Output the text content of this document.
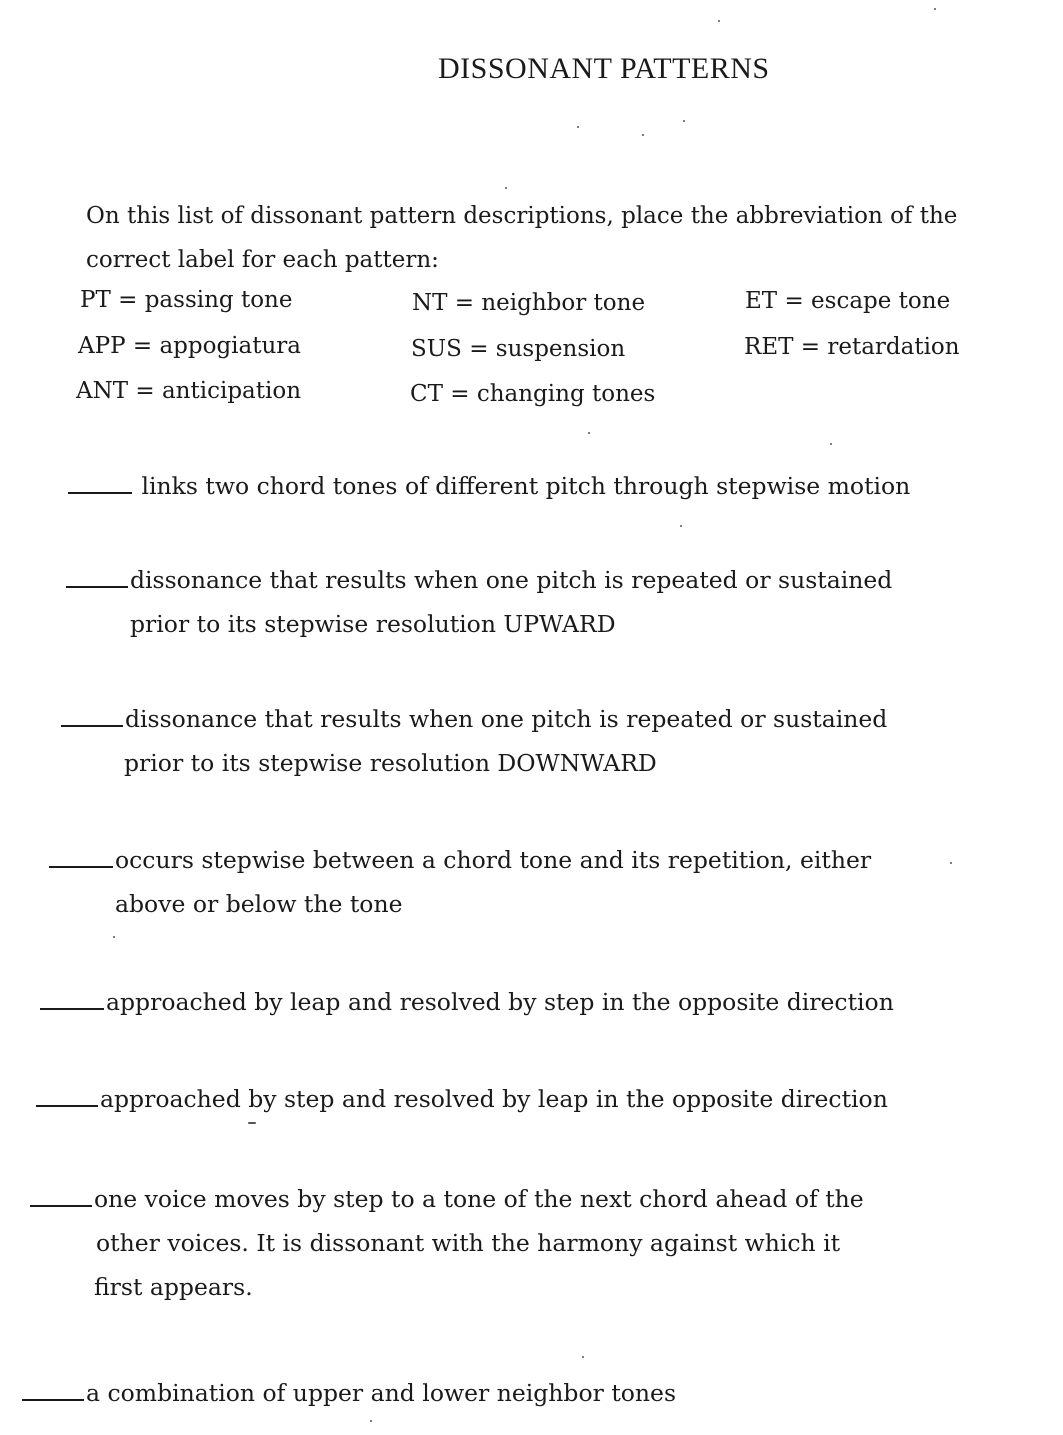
DISSONANT PATTERNS
On this list of dissonant pattern descriptions, place the abbreviation of the correct label for each pattern:
PT = passing tone	NT = neighbor tone	ET = escape tone
APP = appogiatura	SUS = suspension	RET = retardation
ANT = anticipation	CT = changing tones
links two chord tones of different pitch through stepwise motion
dissonance that results when one pitch is repeated or sustained
prior to its stepwise resolution UPWARD
dissonance that results when one pitch is repeated or sustained
prior to its stepwise resolution DOWNWARD
occurs stepwise between a chord tone and its repetition, either
above or below the tone
approached by leap and resolved by step in the opposite direction
approached by step and resolved by leap in the opposite direction
one voice moves by step to a tone of the next chord ahead of the
other voices. It is dissonant with the harmony against which it
first appears.
a combination of upper and lower neighbor tones
